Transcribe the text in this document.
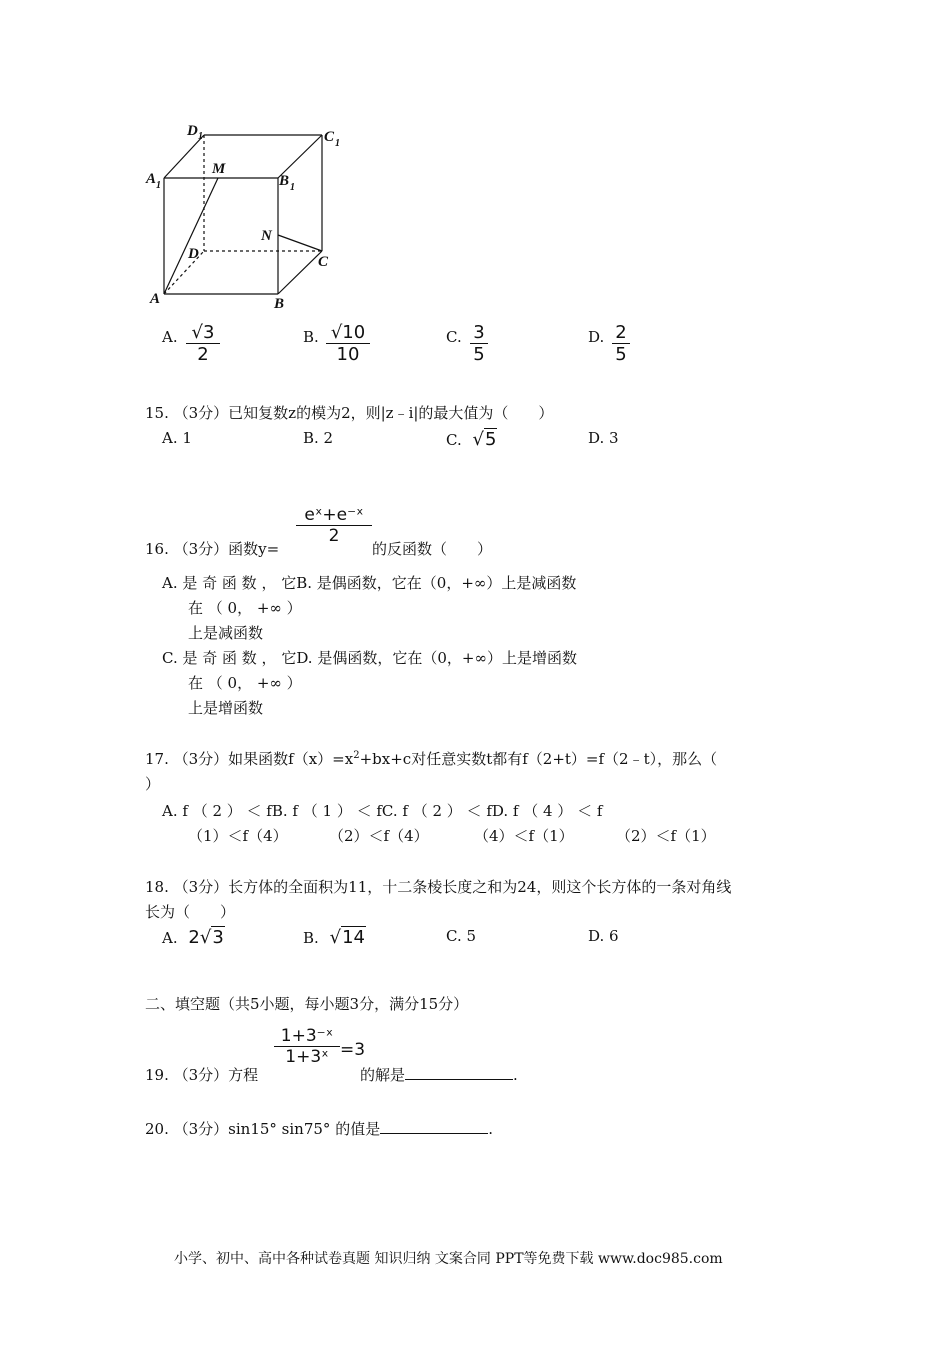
D 1	C 1
A 1
M
B 1
N
D	C
A	B
A. √3
2
B. √10
10
C. 3
5
D. 2
5
15. （3分）已知复数z的模为2，则|z﹣i|的最大值为（　　）
A. 1	B. 2	C. √5	D. 3
16. （3分）函数y=
eˣ+e⁻ˣ
2
的反函数（　　）
A. 是 奇 函 数 ， 它B. 是偶函数，它在（0，+∞）上是减函数
在 （ 0， +∞ ）
上是减函数
C. 是 奇 函 数 ， 它D. 是偶函数，它在（0，+∞）上是增函数
在 （ 0， +∞ ）
上是增函数
17. （3分）如果函数$f(x)=x^2+bx+c$对任意实数t都有f（2+t）=f（2﹣t），那么（
）
A. f （ 2 ） ＜ fB. f （ 1 ） ＜ fC. f （ 2 ） ＜ fD. f （ 4 ） ＜ f
（1）＜f（4）	（2）＜f（4）	（4）＜f（1）	（2）＜f（1）
18. （3分）长方体的全面积为11，十二条棱长度之和为24，则这个长方体的一条对角线
长为（　　）
A. 2√3	B. √14	C. 5	D. 6
二、填空题（共5小题，每小题3分，满分15分）
19. （3分）方程
1+3⁻ˣ
1+3ˣ =3
的解是	.
20. （3分）sin15° sin75° 的值是	.
小学、初中、高中各种试卷真题 知识归纳 文案合同 PPT等免费下载 www.doc985.com
